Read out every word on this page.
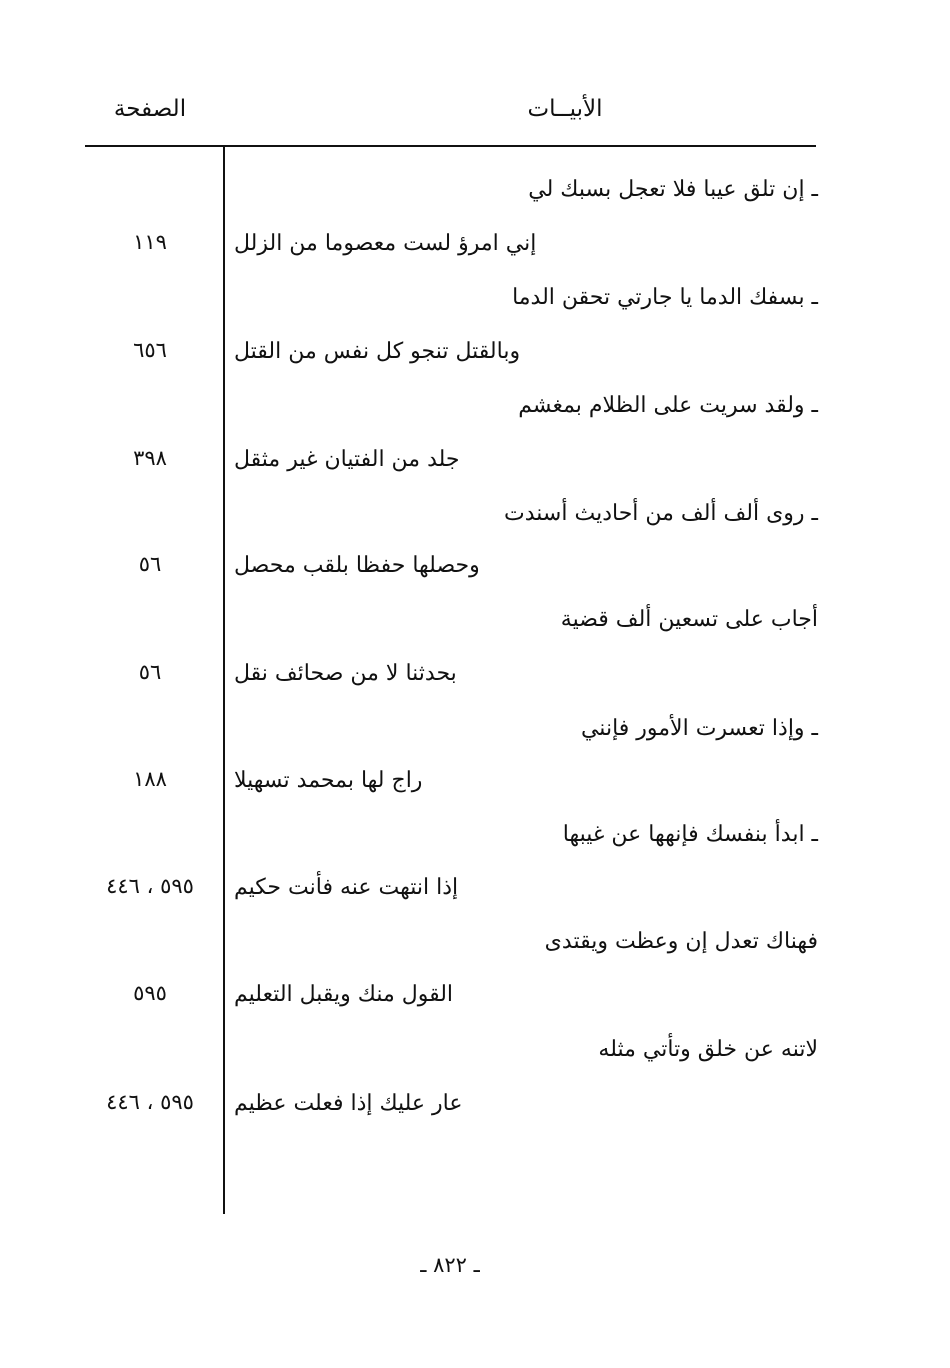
الأبيــات
الصفحة
ـ إن تلق عيبا فلا تعجل بسبك لي
إني امرؤ لست معصوما من الزلل
١١٩
ـ بسفك الدما يا جارتي تحقن الدما
وبالقتل تنجو كل نفس من القتل
٦٥٦
ـ ولقد سريت على الظلام بمغشم
جلد من الفتيان غير مثقل
٣٩٨
ـ روى ألف ألف من أحاديث أسندت
وحصلها حفظا بلقب محصل
٥٦
أجاب على تسعين ألف قضية
بحدثنا لا من صحائف نقل
٥٦
ـ وإذا تعسرت الأمور فإنني
راج لها بمحمد تسهيلا
١٨٨
ـ ابدأ بنفسك فإنهها عن غيبها
إذا انتهت عنه فأنت حكيم
٥٩٥ ، ٤٤٦
فهناك تعدل إن وعظت ويقتدى
القول منك ويقبل التعليم
٥٩٥
لاتنه عن خلق وتأتي مثله
عار عليك إذا فعلت عظيم
٥٩٥ ، ٤٤٦
ـ ٨٢٢ ـ
